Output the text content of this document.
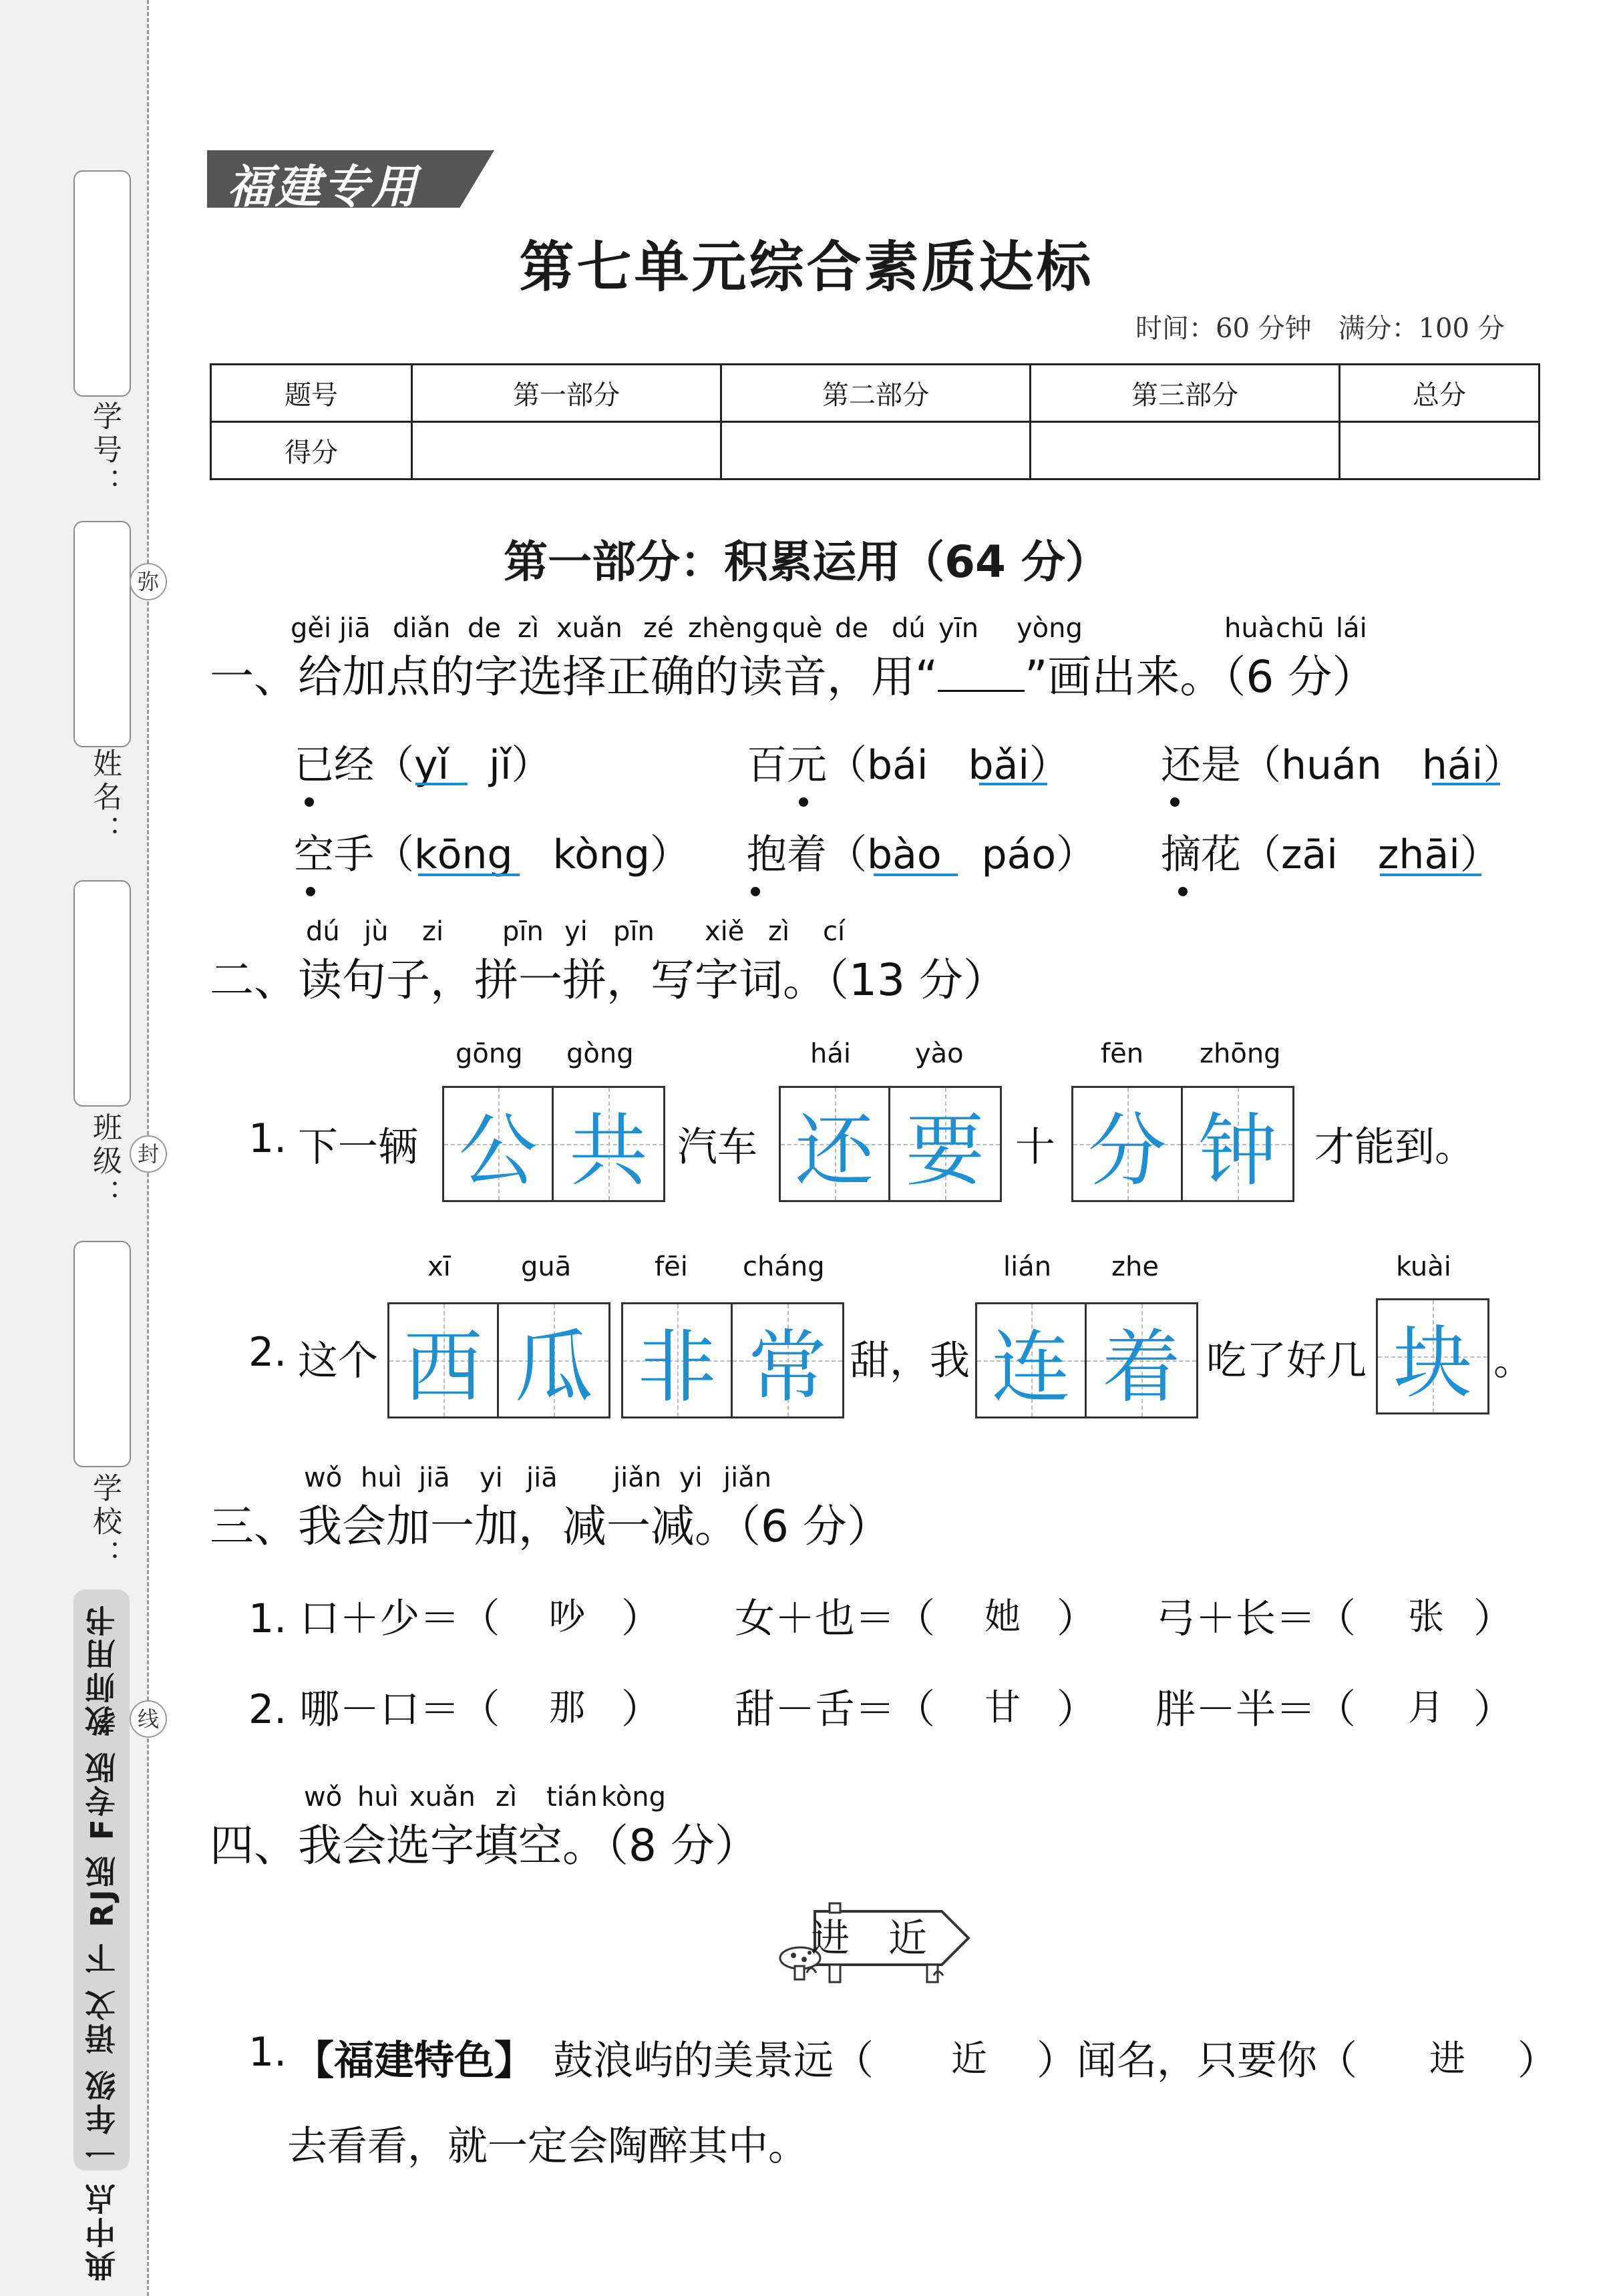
学号：
姓名：
班级：
学校：
弥
封
线
典中点 一年级 语文 下 RJ版 F专版 教师用书
福建专用
第七单元综合素质达标
时间：60 分钟　满分：100 分
题号	第一部分	第二部分	第三部分	总分
得分				
第一部分：积累运用（64 分）
gěi jiā diǎn de zì xuǎn zé zhèng què de dú yīn yòng	huà chū lái
一、给加点的字选择正确的读音，用“ ”画出来。（6 分）
已经（yǐ　jǐ）	百元（bái　bǎi） 还是（huán　hái）
空手（kōng　kòng） 抱着（bào　páo） 摘花（zāi　zhāi）
dú jù zi pīn yi pīn xiě zì cí
二、读句子，拼一拼，写字词。（13 分）
gōng gòng	hái yào	fēn zhōng
1. 下一辆 公 共 汽车 还 要 十 分 钟 才能到。
xī	guā	fēi cháng	lián zhe	kuài
2. 这个 西 瓜 非 常 甜，我 连 着 吃了好几 块 。
wǒ huì jiā yi jiā jiǎn yi jiǎn
三、我会加一加，减一减。（6 分）
1. 口＋少＝（ 吵 ） 女＋也＝（ 她 ） 弓＋长＝（ 张 ）
2. 哪－口＝（ 那 ） 甜－舌＝（ 甘 ） 胖－半＝（ 月 ）
wǒ huì xuǎn zì tián kòng
四、我会选字填空。（8 分）
进　近
1. 【福建特色】 鼓浪屿的美景远（ 近 ）闻名，只要你（ 进 ）
去看看，就一定会陶醉其中。
